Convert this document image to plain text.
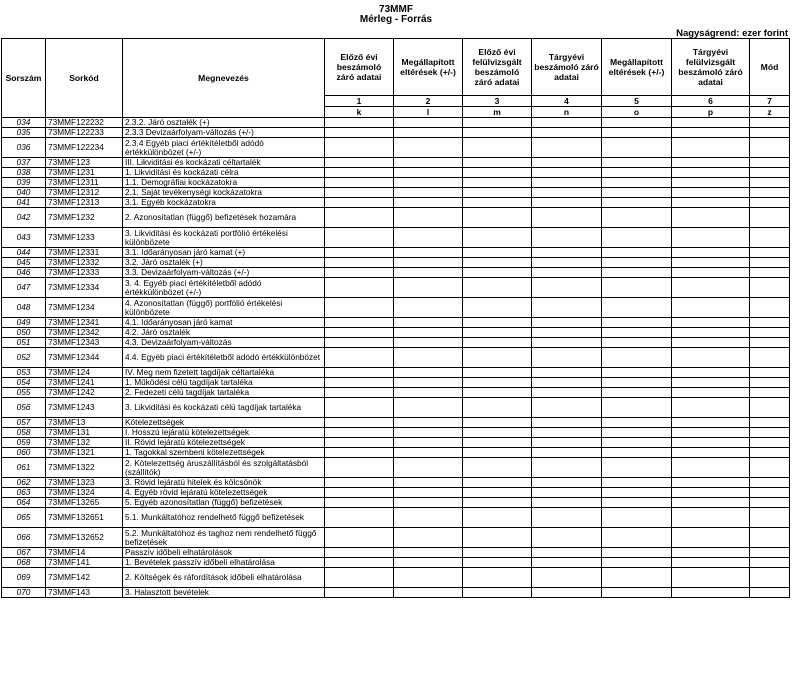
73MMF
Mérleg - Forrás
Nagyságrend: ezer forint
Sorszám	Sorkód	Megnevezés	Előző évi beszámoló záró adatai	Megállapított eltérések (+/-)	Előző évi felülvizsgált beszámoló záró adatai	Tárgyévi beszámoló záró adatai	Megállapított eltérések (+/-)	Tárgyévi felülvizsgált beszámoló záró adatai	Mód
			1	2	3	4	5	6	7
			k	l	m	n	o	p	z
034	73MMF122232	2.3.2. Járó osztalék (+)							
035	73MMF122233	2.3.3 Devizaárfolyam-változás (+/-)							
036	73MMF122234	2.3.4 Egyéb piaci értékítéletből adódó értékkülönbözet (+/-)							
037	73MMF123	III. Likviditási és kockázati céltartalék							
038	73MMF1231	1. Likviditási és kockázati célra							
039	73MMF12311	1.1. Demográfiai kockázatokra							
040	73MMF12312	2.1. Saját tevékenységi kockázatokra							
041	73MMF12313	3.1. Egyéb kockázatokra							
042	73MMF1232	2. Azonosítatlan (függő) befizetések hozamára							
043	73MMF1233	3. Likviditási és kockázati portfólió értékelési különbözete							
044	73MMF12331	3.1. Időarányosan járó kamat (+)							
045	73MMF12332	3.2. Járó osztalék (+)							
046	73MMF12333	3.3. Devizaárfolyam-változás (+/-)							
047	73MMF12334	3. 4. Egyéb piaci értékítéletből adódó értékkülönbözet (+/-)							
048	73MMF1234	4. Azonosítatlan (függő) portfólió értékelési különbözete							
049	73MMF12341	4.1. Időarányosan járó kamat							
050	73MMF12342	4.2. Járó osztalék							
051	73MMF12343	4.3. Devizaárfolyam-változás							
052	73MMF12344	4.4. Egyéb piaci értékítéletből adódó értékkülönbözet							
053	73MMF124	IV. Meg nem fizetett tagdíjak céltartaléka							
054	73MMF1241	1. Működési célú tagdíjak tartaléka							
055	73MMF1242	2. Fedezeti célú tagdíjak tartaléka							
056	73MMF1243	3. Likviditási és kockázati célú tagdíjak tartaléka							
057	73MMF13	Kötelezettségek							
058	73MMF131	I. Hosszú lejáratú kötelezettségek							
059	73MMF132	II. Rövid lejáratú kötelezettségek							
060	73MMF1321	1. Tagokkal szembeni kötelezettségek							
061	73MMF1322	2. Kötelezettség áruszállításból és szolgáltatásból (szállítók)							
062	73MMF1323	3. Rövid lejáratú hitelek és kölcsönök							
063	73MMF1324	4. Egyéb rövid lejáratú kötelezettségek							
064	73MMF13265	5. Egyéb azonosítatlan (függő) befizetések							
065	73MMF132651	5.1. Munkáltatóhoz rendelhető függő befizetések							
066	73MMF132652	5.2. Munkáltatóhoz és taghoz nem rendelhető függő befizetések							
067	73MMF14	Passzív időbeli elhatárolások							
068	73MMF141	1. Bevételek passzív időbeli elhatárolása							
069	73MMF142	2. Költségek és ráfordítások időbeli elhatárolása							
070	73MMF143	3. Halasztott bevételek							
